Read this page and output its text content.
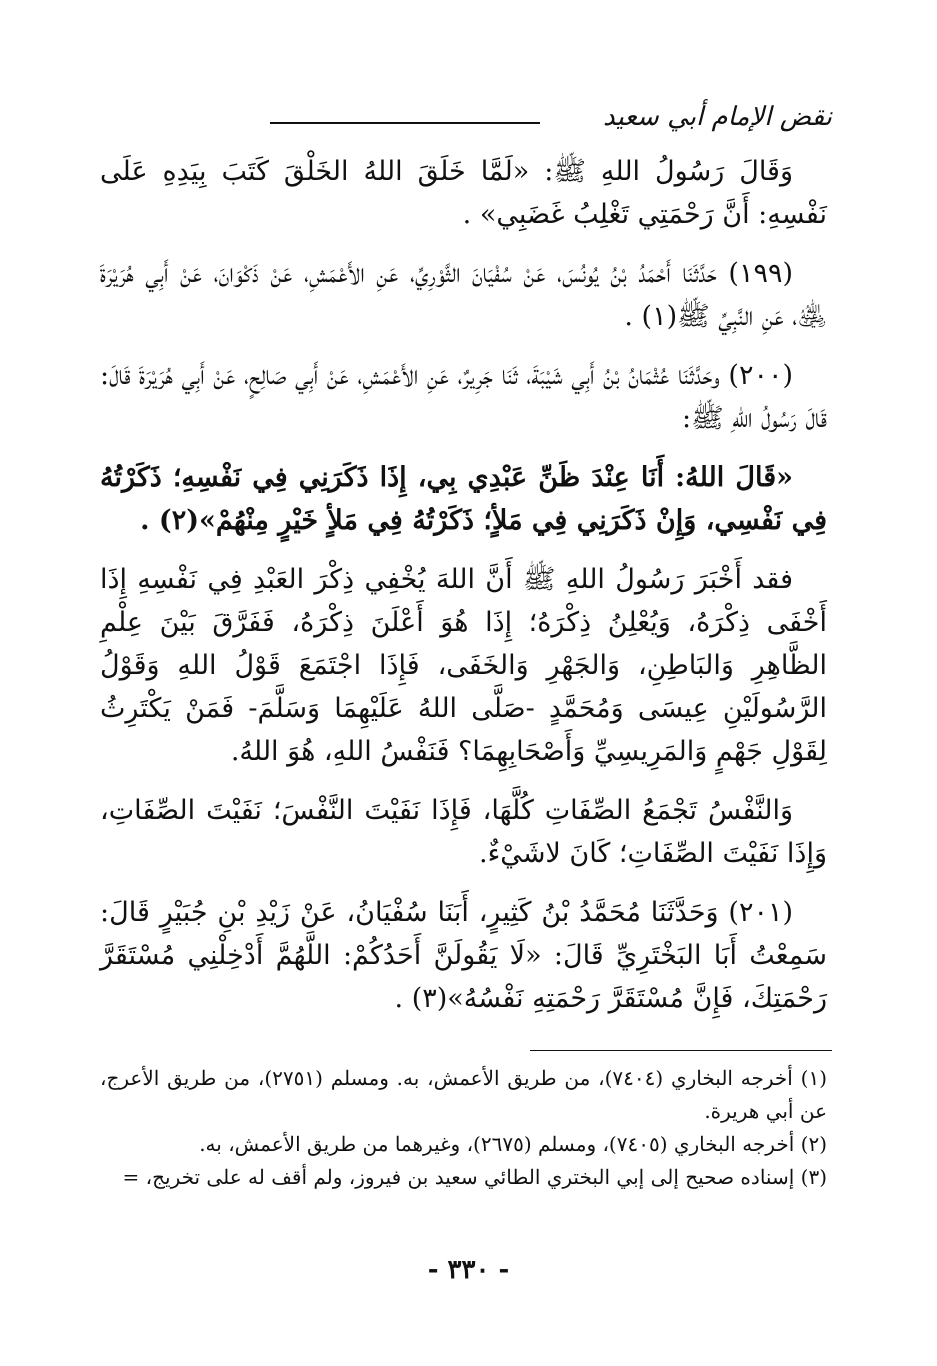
نقض الإمام أبي سعيد

وَقَالَ رَسُولُ اللهِ ﷺ: «لَمَّا خَلَقَ اللهُ الخَلْقَ كَتَبَ بِيَدِهِ عَلَى نَفْسِهِ: أَنَّ رَحْمَتِي تَغْلِبُ غَضَبِي» .

(١٩٩) حَدَّثَنَا أَحْمَدُ بْنُ يُونُسَ، عَنْ سُفْيَانَ الثَّوْرِيِّ، عَنِ الأَعْمَشِ، عَنْ ذَكْوَانَ، عَنْ أَبِي هُرَيْرَةَ ﵁، عَنِ النَّبِيِّ ﷺ(١) .

(٢٠٠) وحَدَّثَنَا عُثْمَانُ بْنُ أَبِي شَيْبَةَ، ثَنَا جَرِيرٌ، عَنِ الأَعْمَشِ، عَنْ أَبِي صَالِحٍ، عَنْ أَبِي هُرَيْرَةَ قَالَ: قَالَ رَسُولُ اللهِ ﷺ:

«قَالَ اللهُ: أَنَا عِنْدَ ظَنِّ عَبْدِي بِي، إِذَا ذَكَرَنِي فِي نَفْسِهِ؛ ذَكَرْتُهُ فِي نَفْسِي، وَإِنْ ذَكَرَنِي فِي مَلأٍ؛ ذَكَرْتُهُ فِي مَلأٍ خَيْرٍ مِنْهُمْ»(٢) .

فقد أَخْبَرَ رَسُولُ اللهِ ﷺ أَنَّ اللهَ يُخْفِي ذِكْرَ العَبْدِ فِي نَفْسِهِ إِذَا أَخْفَى ذِكْرَهُ، وَيُعْلِنُ ذِكْرَهُ؛ إِذَا هُوَ أَعْلَنَ ذِكْرَهُ، فَفَرَّقَ بَيْنَ عِلْمِ الظَّاهِرِ وَالبَاطِنِ، وَالجَهْرِ وَالخَفَى، فَإِذَا اجْتَمَعَ قَوْلُ اللهِ وَقَوْلُ الرَّسُولَيْنِ عِيسَى وَمُحَمَّدٍ -صَلَّى اللهُ عَلَيْهِمَا وَسَلَّمَ- فَمَنْ يَكْتَرِثُ لِقَوْلِ جَهْمٍ وَالمَرِيسِيِّ وَأَصْحَابِهِمَا؟ فَنَفْسُ اللهِ، هُوَ اللهُ.

وَالنَّفْسُ تَجْمَعُ الصِّفَاتِ كُلَّهَا، فَإِذَا نَفَيْتَ النَّفْسَ؛ نَفَيْتَ الصِّفَاتِ، وَإِذَا نَفَيْتَ الصِّفَاتِ؛ كَانَ لاشَيْءٌ.

(٢٠١) وَحَدَّثَنَا مُحَمَّدُ بْنُ كَثِيرٍ، أَبَنَا سُفْيَانُ، عَنْ زَيْدِ بْنِ جُبَيْرٍ قَالَ: سَمِعْتُ أَبَا البَخْتَرِيِّ قَالَ: «لَا يَقُولَنَّ أَحَدُكُمْ: اللَّهُمَّ أَدْخِلْنِي مُسْتَقَرَّ رَحْمَتِكَ، فَإِنَّ مُسْتَقَرَّ رَحْمَتِهِ نَفْسُهُ»(٣) .

(١) أخرجه البخاري (٧٤٠٤)، من طريق الأعمش، به. ومسلم (٢٧٥١)، من طريق الأعرج، عن أبي هريرة.

(٢) أخرجه البخاري (٧٤٠٥)، ومسلم (٢٦٧٥)، وغيرهما من طريق الأعمش، به.

(٣) إسناده صحيح إلى إبي البختري الطائي سعيد بن فيروز، ولم أقف له على تخريج، =

- ٣٣٠ -
